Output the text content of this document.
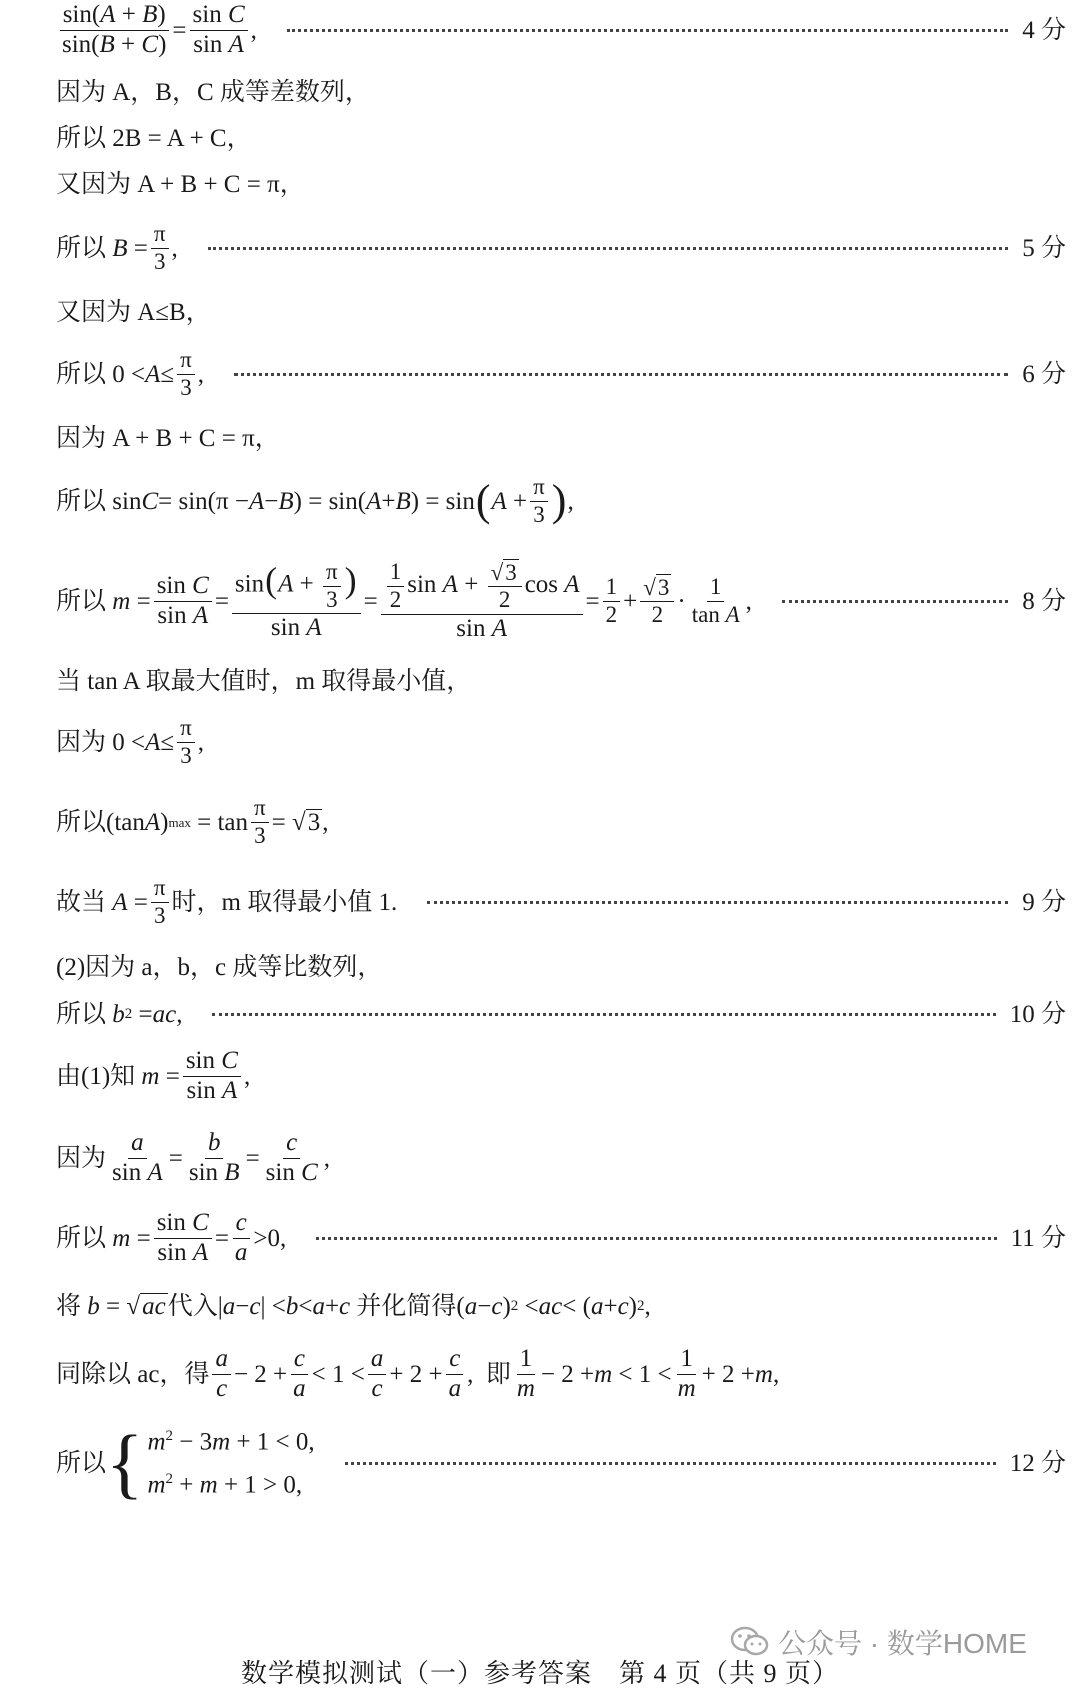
$\frac{\sin(A + B)}{\sin(B + C)} = \frac{\text{sin C}}{\text{sin A}}$ ,	4 分
因为 A，B，C 成等差数列，
所以 2B = A + C，
又因为 A + B + C = π，
所以
$B = \frac{\pi}{3}$ ,	5 分
又因为 A≤B，
所以 $0 < A \le \frac{\pi}{3}$ ,	6 分
因为 A + B + C = π，
所以 sin C = sin(π − A − B ) = sin( A + B ) = sin ( $A + \frac{\pi}{3}$ ) ,
所以
$m = \frac{\text{sin C}}{\text{sin A}} = \frac{\sin(A + \frac{\pi}{3} )}{\text{sin A}} = \frac{\frac{1}{2} \sin A + \frac{√ 3}{2} \cos A}{\text{sin A}} = \frac{1}{2} + \frac{√ 3}{2} \cdot \frac{1}{\text{tan A}}$ ,	8 分
当 tan A 取最大值时，m 取得最小值，
因为 $0 < A \le \frac{\pi}{3}$ ,
所以 (tan A ) $\max = \tan \frac{\pi}{3}$ = √ 3 ,
故当
$A = \frac{\pi}{3}$ 时，m 取得最小值 1.	9 分
(2)因为 a，b，c 成等比数列，
所以
b 2 = ac ,	10 分
由(1)知
$m = \frac{\text{sin C}}{\text{sin A}}$ ,
因为 $\frac{a}{\text{sin A}} = \frac{b}{\text{sin B}} = \frac{c}{\text{sin C}}$ ,
所以
$m = \frac{\text{sin C}}{\text{sin A}} = \frac{c}{a} >0$,	11 分
将
b = √ ac 代入 | a − c | < b < a + c
并化简得 ( a − c ) 2 < ac < ( a + c ) 2 ,
同除以 ac，得 $\frac{a}{c} - 2 + \frac{c}{a} < 1 < \frac{a}{c} + 2 + \frac{c}{a}$ , 即 $\frac{1}{m} - 2 + m < 1 < \frac{1}{m} + 2 + m$ ,
所以 { $m^2 - 3m + 1 < 0$,
$m^2 + m + 1 > 0$,
12 分
公众号 · 数学HOME
数学模拟测试（一）参考答案　第 4 页（共 9 页）
